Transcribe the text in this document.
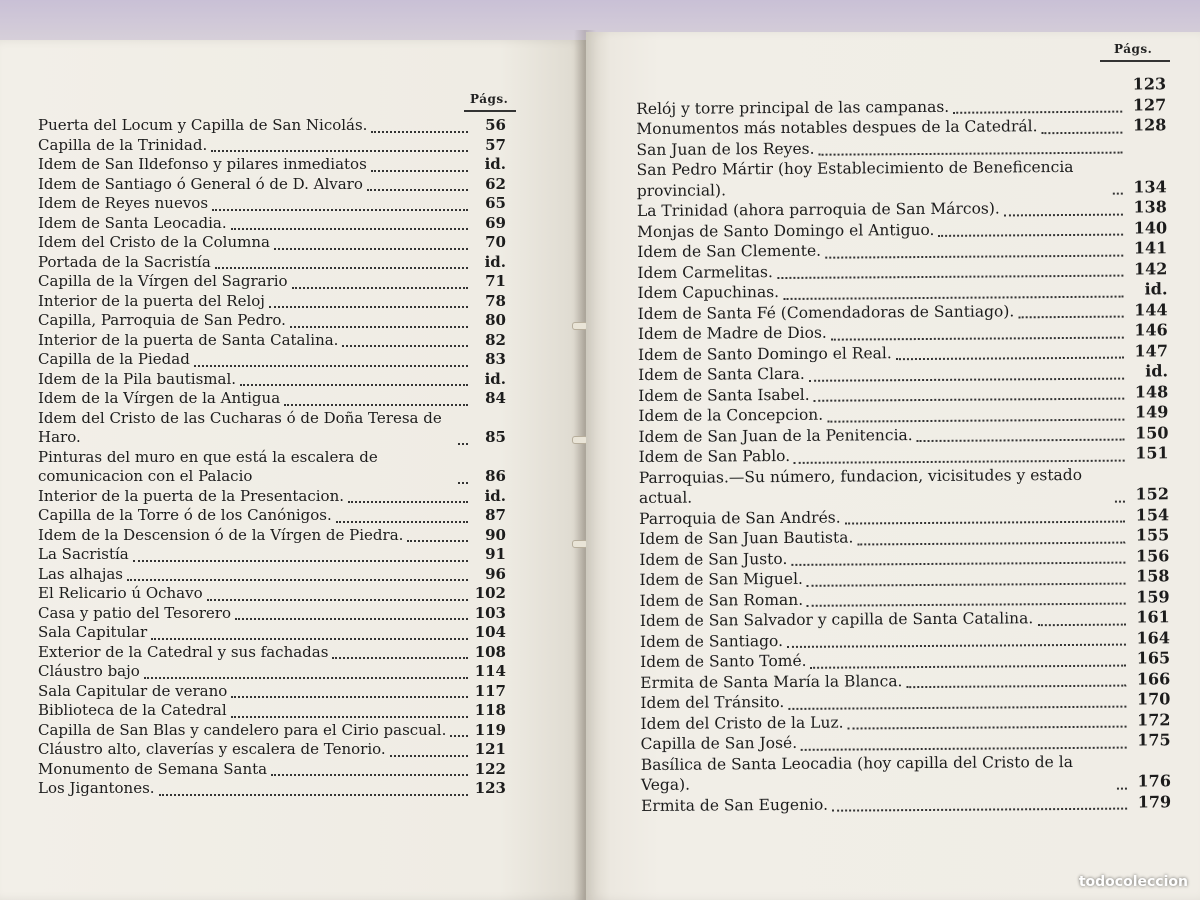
Págs.
Puerta del Locum y Capilla de San Nicolás.	56
Capilla de la Trinidad.	57
Idem de San Ildefonso y pilares inmediatos	id.
Idem de Santiago ó General ó de D. Alvaro	62
Idem de Reyes nuevos	65
Idem de Santa Leocadia.	69
Idem del Cristo de la Columna	70
Portada de la Sacristía	id.
Capilla de la Vírgen del Sagrario	71
Interior de la puerta del Reloj	78
Capilla, Parroquia de San Pedro.	80
Interior de la puerta de Santa Catalina.	82
Capilla de la Piedad	83
Idem de la Pila bautismal.	id.
Idem de la Vírgen de la Antigua	84
Idem del Cristo de las Cucharas ó de Doña Teresa de Haro.	85
Pinturas del muro en que está la escalera de comunicacion con el Palacio	86
Interior de la puerta de la Presentacion.	id.
Capilla de la Torre ó de los Canónigos.	87
Idem de la Descension ó de la Vírgen de Piedra.	90
La Sacristía	91
Las alhajas	96
El Relicario ú Ochavo	102
Casa y patio del Tesorero	103
Sala Capitular	104
Exterior de la Catedral y sus fachadas	108
Cláustro bajo	114
Sala Capitular de verano	117
Biblioteca de la Catedral	118
Capilla de San Blas y candelero para el Cirio pascual. 119
Cláustro alto, claverías y escalera de Tenorio.	121
Monumento de Semana Santa	122
Los Jigantones.	123
Págs.
123
Relój y torre principal de las campanas.	127
Monumentos más notables despues de la Catedrál.	128
San Juan de los Reyes.
San Pedro Mártir (hoy Establecimiento de Beneficencia provincial).	134
La Trinidad (ahora parroquia de San Márcos).	138
Monjas de Santo Domingo el Antiguo.	140
Idem de San Clemente.	141
Idem Carmelitas.	142
Idem Capuchinas.	id.
Idem de Santa Fé (Comendadoras de Santiago).	144
Idem de Madre de Dios.	146
Idem de Santo Domingo el Real.	147
Idem de Santa Clara.	id.
Idem de Santa Isabel.	148
Idem de la Concepcion.	149
Idem de San Juan de la Penitencia.	150
Idem de San Pablo.	151
Parroquias.—Su número, fundacion, vicisitudes y estado actual.	152
Parroquia de San Andrés.	154
Idem de San Juan Bautista.	155
Idem de San Justo.	156
Idem de San Miguel.	158
Idem de San Roman.	159
Idem de San Salvador y capilla de Santa Catalina.	161
Idem de Santiago.	164
Idem de Santo Tomé.	165
Ermita de Santa María la Blanca.	166
Idem del Tránsito.	170
Idem del Cristo de la Luz.	172
Capilla de San José.	175
Basílica de Santa Leocadia (hoy capilla del Cristo de la Vega).	176
Ermita de San Eugenio.	179
todocoleccion
